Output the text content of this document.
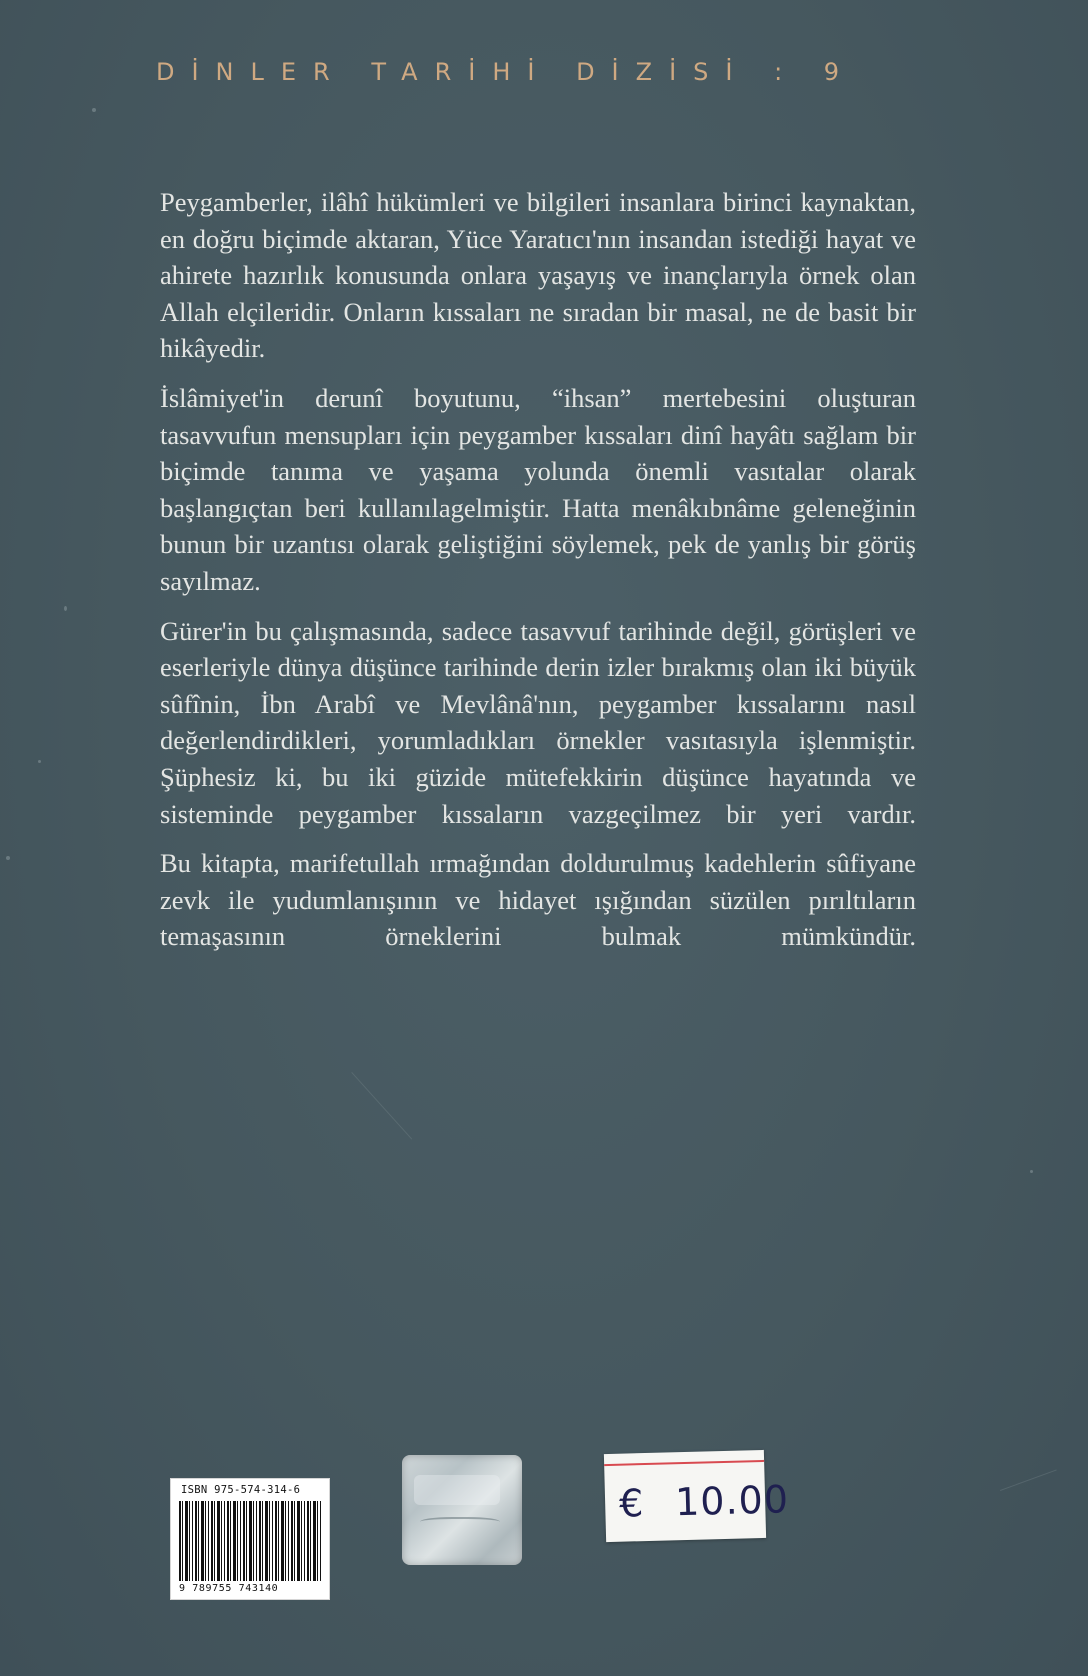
DİNLER TARİHİ DİZİSİ : 9

Peygamberler, ilâhî hükümleri ve bilgileri insanlara birinci kaynaktan, en doğru biçimde aktaran, Yüce Yaratıcı'nın insandan istediği hayat ve ahirete hazırlık konusunda onlara yaşayış ve inançlarıyla örnek olan Allah elçileridir. Onların kıssaları ne sıradan bir masal, ne de basit bir hikâyedir.

İslâmiyet'in derunî boyutunu, “ihsan” mertebesini oluşturan tasavvufun mensupları için peygamber kıssaları dinî hayâtı sağlam bir biçimde tanıma ve yaşama yolunda önemli vasıtalar olarak başlangıçtan beri kullanılagelmiştir. Hatta menâkıbnâme geleneğinin bunun bir uzantısı olarak geliştiğini söylemek, pek de yanlış bir görüş sayılmaz.

Gürer'in bu çalışmasında, sadece tasavvuf tarihinde değil, görüşleri ve eserleriyle dünya düşünce tarihinde derin izler bırakmış olan iki büyük sûfînin, İbn Arabî ve Mevlânâ'nın, peygamber kıssalarını nasıl değerlendirdikleri, yorumladıkları örnekler vasıtasıyla işlenmiştir. Şüphesiz ki, bu iki güzide mütefekkirin düşünce hayatında ve sisteminde peygamber kıssaların vazgeçilmez bir yeri vardır.

Bu kitapta, marifetullah ırmağından doldurulmuş kadehlerin sûfiyane zevk ile yudumlanışının ve hidayet ışığından süzülen pırıltıların temaşasının örneklerini bulmak mümkündür.

ISBN 975-574-314-6
9 789755 743140
€ 10.00
